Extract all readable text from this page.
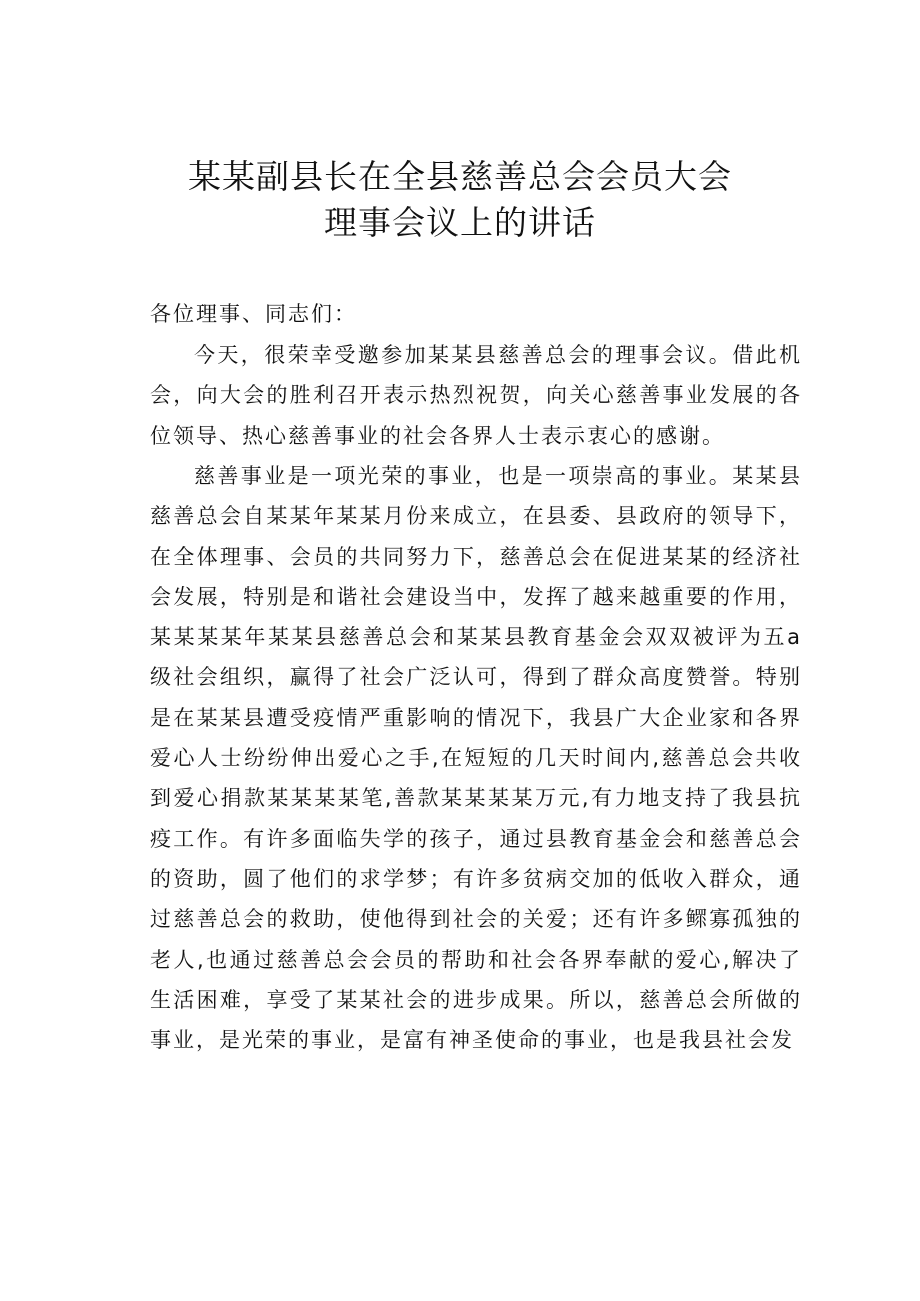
某某副县长在全县慈善总会会员大会
理事会议上的讲话
各位理事、同志们：

今天，很荣幸受邀参加某某县慈善总会的理事会议。借此机会，向大会的胜利召开表示热烈祝贺，向关心慈善事业发展的各位领导、热心慈善事业的社会各界人士表示衷心的感谢。

慈善事业是一项光荣的事业，也是一项崇高的事业。某某县慈善总会自某某年某某月份来成立，在县委、县政府的领导下，在全体理事、会员的共同努力下，慈善总会在促进某某的经济社会发展，特别是和谐社会建设当中，发挥了越来越重要的作用，某某某某年某某县慈善总会和某某县教育基金会双双被评为五a级社会组织，赢得了社会广泛认可，得到了群众高度赞誉。特别是在某某县遭受疫情严重影响的情况下，我县广大企业家和各界爱心人士纷纷伸出爱心之手,在短短的几天时间内,慈善总会共收到爱心捐款某某某某笔,善款某某某某万元,有力地支持了我县抗疫工作。有许多面临失学的孩子，通过县教育基金会和慈善总会的资助，圆了他们的求学梦；有许多贫病交加的低收入群众，通过慈善总会的救助，使他得到社会的关爱；还有许多鳏寡孤独的老人,也通过慈善总会会员的帮助和社会各界奉献的爱心,解决了生活困难，享受了某某社会的进步成果。所以，慈善总会所做的事业，是光荣的事业，是富有神圣使命的事业，也是我县社会发
